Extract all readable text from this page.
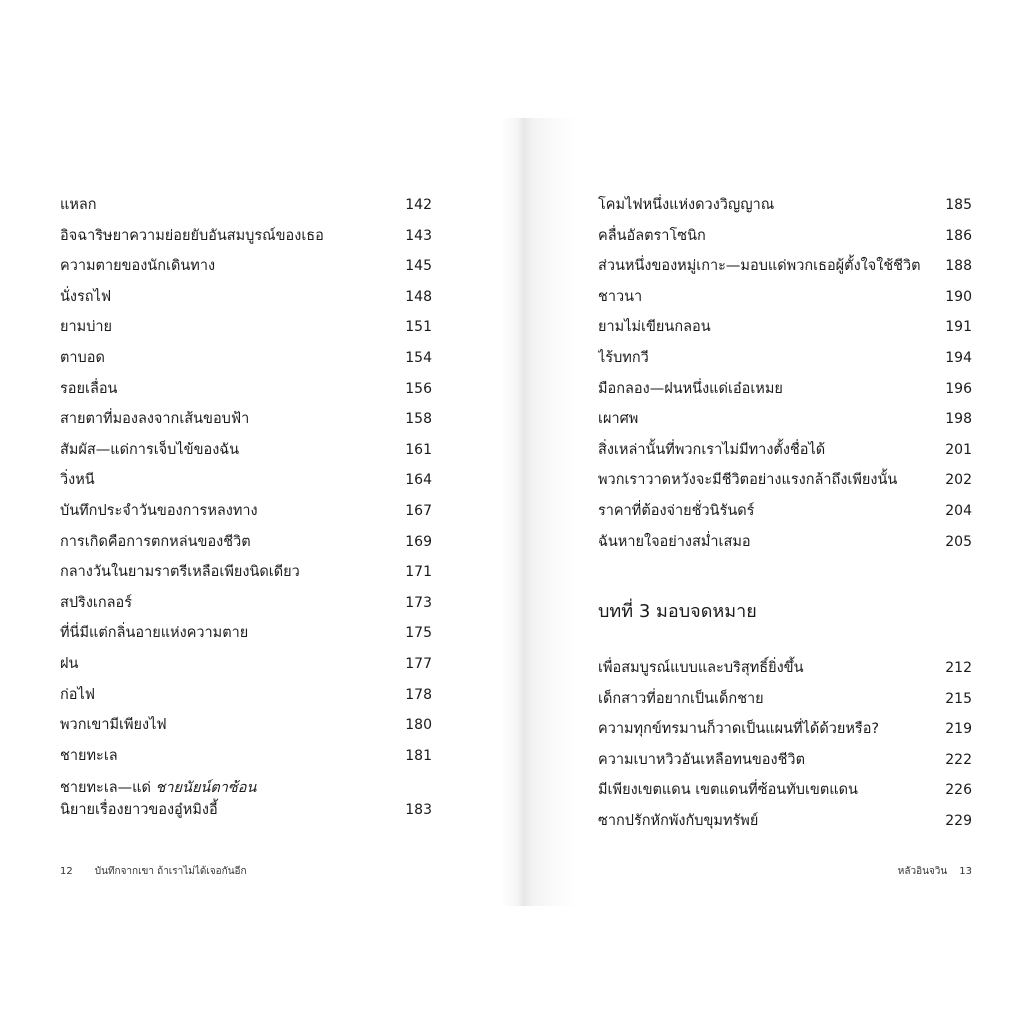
แหลก	142
อิจฉาริษยาความย่อยยับอันสมบูรณ์ของเธอ	143
ความตายของนักเดินทาง	145
นั่งรถไฟ	148
ยามบ่าย	151
ตาบอด	154
รอยเลื่อน	156
สายตาที่มองลงจากเส้นขอบฟ้า	158
สัมผัส—แด่การเจ็บไข้ของฉัน	161
วิ่งหนี	164
บันทึกประจำวันของการหลงทาง	167
การเกิดคือการตกหล่นของชีวิต	169
กลางวันในยามราตรีเหลือเพียงนิดเดียว	171
สปริงเกลอร์	173
ที่นี่มีแต่กลิ่นอายแห่งความตาย	175
ฝน	177
ก่อไฟ	178
พวกเขามีเพียงไฟ	180
ชายทะเล	181
ชายทะเล—แด่ ชายนัยน์ตาซ้อน
นิยายเรื่องยาวของอู๋หมิงอี้	183
โคมไฟหนึ่งแห่งดวงวิญญาณ	185
คลื่นอัลตราโซนิก	186
ส่วนหนึ่งของหมู่เกาะ—มอบแด่พวกเธอผู้ตั้งใจใช้ชีวิต 188
ชาวนา	190
ยามไม่เขียนกลอน	191
ไร้บทกวี	194
มือกลอง—ฝนหนึ่งแด่เอ๋อเหมย	196
เผาศพ	198
สิ่งเหล่านั้นที่พวกเราไม่มีทางตั้งชื่อได้	201
พวกเราวาดหวังจะมีชีวิตอย่างแรงกล้าถึงเพียงนั้น	202
ราคาที่ต้องจ่ายชั่วนิรันดร์	204
ฉันหายใจอย่างสม่ำเสมอ	205
บทที่ 3 มอบจดหมาย
เพื่อสมบูรณ์แบบและบริสุทธิ์ยิ่งขึ้น	212
เด็กสาวที่อยากเป็นเด็กชาย	215
ความทุกข์ทรมานก็วาดเป็นแผนที่ได้ด้วยหรือ?	219
ความเบาหวิวอันเหลือทนของชีวิต	222
มีเพียงเขตแดน เขตแดนที่ซ้อนทับเขตแดน	226
ซากปรักหักพังกับขุมทรัพย์	229
12 บันทึกจากเขา ถ้าเราไม่ได้เจอกันอีก	หลัวอินจวิน 13
